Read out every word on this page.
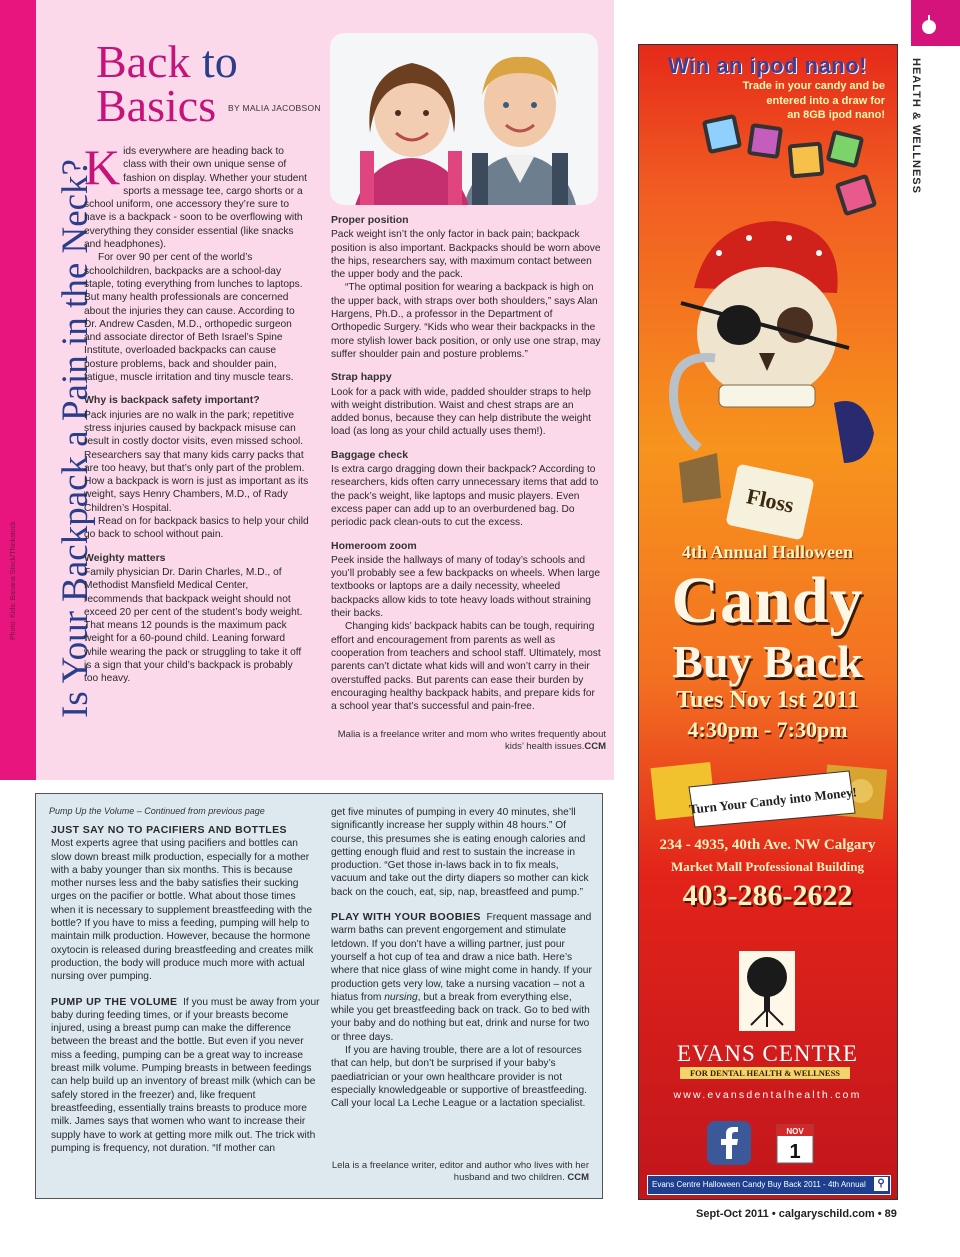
Photo: Kids: Banana Stock/Thinkstock Is Your Backpack a Pain in the Neck?
Back to
Basics	BY MALIA JACOBSON

Kids everywhere are heading back to class with their own unique sense of fashion on display. Whether your student sports a message tee, cargo shorts or a school uniform, one accessory they’re sure to have is a backpack - soon to be overflowing with everything they consider essential (like snacks and headphones).

For over 90 per cent of the world’s schoolchildren, backpacks are a school-day staple, toting everything from lunches to laptops. But many health professionals are concerned about the injuries they can cause. According to Dr. Andrew Casden, M.D., orthopedic surgeon and associate director of Beth Israel’s Spine Institute, overloaded backpacks can cause posture problems, back and shoulder pain, fatigue, muscle irritation and tiny muscle tears.

Why is backpack safety important?

Pack injuries are no walk in the park; repetitive stress injuries caused by backpack misuse can result in costly doctor visits, even missed school. Researchers say that many kids carry packs that are too heavy, but that’s only part of the problem. How a backpack is worn is just as important as its weight, says Henry Chambers, M.D., of Rady Children’s Hospital.

Read on for backpack basics to help your child go back to school without pain.

Weighty matters

Family physician Dr. Darin Charles, M.D., of Methodist Mansfield Medical Center, recommends that backpack weight should not exceed 20 per cent of the student’s body weight. That means 12 pounds is the maximum pack weight for a 60-pound child. Leaning forward while wearing the pack or struggling to take it off is a sign that your child’s backpack is probably too heavy.

Proper position

Pack weight isn’t the only factor in back pain; backpack position is also important. Backpacks should be worn above the hips, researchers say, with maximum contact between the upper body and the pack.

“The optimal position for wearing a backpack is high on the upper back, with straps over both shoulders,” says Alan Hargens, Ph.D., a professor in the Department of Orthopedic Surgery. “Kids who wear their backpacks in the more stylish lower back position, or only use one strap, may suffer shoulder pain and posture problems.”

Strap happy

Look for a pack with wide, padded shoulder straps to help with weight distribution. Waist and chest straps are an added bonus, because they can help distribute the weight load (as long as your child actually uses them!).

Baggage check

Is extra cargo dragging down their backpack? According to researchers, kids often carry unnecessary items that add to the pack’s weight, like laptops and music players. Even excess paper can add up to an overburdened bag. Do periodic pack clean-outs to cut the excess.

Homeroom zoom

Peek inside the hallways of many of today’s schools and you’ll probably see a few backpacks on wheels. When large textbooks or laptops are a daily necessity, wheeled backpacks allow kids to tote heavy loads without straining their backs.

Changing kids’ backpack habits can be tough, requiring effort and encouragement from parents as well as cooperation from teachers and school staff. Ultimately, most parents can’t dictate what kids will and won’t carry in their overstuffed packs. But parents can ease their burden by encouraging healthy backpack habits, and prepare kids for a school year that’s successful and pain-free.

Malia is a freelance writer and mom who writes frequently about kids’ health issues.CCM
Pump Up the Volume – Continued from previous page
JUST SAY NO TO PACIFIERS AND BOTTLES

Most experts agree that using pacifiers and bottles can slow down breast milk production, especially for a mother with a baby younger than six months. This is because mother nurses less and the baby satisfies their sucking urges on the pacifier or bottle. What about those times when it is necessary to supplement breastfeeding with the bottle? If you have to miss a feeding, pumping will help to maintain milk production. However, because the hormone oxytocin is released during breastfeeding and creates milk production, the body will produce much more with actual nursing over pumping.

PUMP UP THE VOLUME If you must be away from your baby during feeding times, or if your breasts become injured, using a breast pump can make the difference between the breast and the bottle. But even if you never miss a feeding, pumping can be a great way to increase breast milk volume. Pumping breasts in between feedings can help build up an inventory of breast milk (which can be safely stored in the freezer) and, like frequent breastfeeding, essentially trains breasts to produce more milk. James says that women who want to increase their supply have to work at getting more milk out. The trick with pumping is frequency, not duration. “If mother can

get five minutes of pumping in every 40 minutes, she’ll significantly increase her supply within 48 hours.” Of course, this presumes she is eating enough calories and getting enough fluid and rest to sustain the increase in production. “Get those in-laws back in to fix meals, vacuum and take out the dirty diapers so mother can kick back on the couch, eat, sip, nap, breastfeed and pump.”

PLAY WITH YOUR BOOBIES Frequent massage and warm baths can prevent engorgement and stimulate letdown. If you don’t have a willing partner, just pour yourself a hot cup of tea and draw a nice bath. Here’s where that nice glass of wine might come in handy. If your production gets very low, take a nursing vacation – not a hiatus from nursing, but a break from everything else, while you get breastfeeding back on track. Go to bed with your baby and do nothing but eat, drink and nurse for two or three days.

If you are having trouble, there are a lot of resources that can help, but don’t be surprised if your baby’s paediatrician or your own healthcare provider is not especially knowledgeable or supportive of breastfeeding. Call your local La Leche League or a lactation specialist.

Lela is a freelance writer, editor and author who lives with her husband and two children. CCM
HEALTH & WELLNESS
Win an ipod nano!
Trade in your candy and be
entered into a draw for
an 8GB ipod nano!
Floss
4th Annual Halloween
Candy
Buy Back
Tues Nov 1st 2011
4:30pm - 7:30pm
Turn Your Candy into Money!
234 - 4935, 40th Ave. NW Calgary
Market Mall Professional Building
403-286-2622
EVANS CENTRE
FOR DENTAL HEALTH & WELLNESS
www.evansdentalhealth.com
NOV
1
Evans Centre Halloween Candy Buy Back 2011 - 4th Annual	⚲
Sept-Oct 2011 • calgaryschild.com • 89
